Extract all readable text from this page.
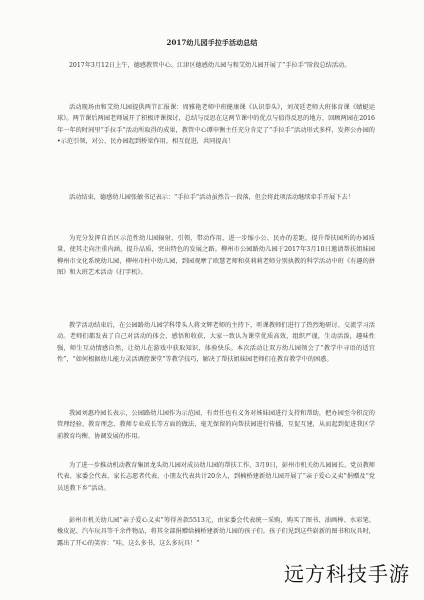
2017幼儿园手拉手活动总结

2017年3月12日上午，德感教管中心、江津区德感幼儿园与和艾幼儿园开展了“手拉手”阶段总结活动。

活动现场由和艾幼儿园提供两节汇报课：周雅艳老师中班健康课《认识拳头》，刘茂廷老师大班体育课《蜻蜓运球》。两节课后两园老师展开了积极评课探讨，总结与反思在这两节课中的优点与值得反思的地方，回顾两园在2016年一年的时间里“手拉手”活动所取得的成果，教管中心谭申衡主任充分肯定了“手拉手”活动形式多样，发挥公办园的•示范引领，对公、民办园起到桥梁作用，相互促进，共同提高！

活动结束，德感幼儿园张敏书记表示：“手拉手”活动虽然告一段落，但会将此项活动继续牵手开展下去！

为充分发挥自治区示范性幼儿园辐射、引领、带动作用，进一步缩小公、民办的差距，提升帮扶园所的办园质量，使其走向注重内涵，提升品质，突出特色的发展之路。柳州市公园路幼儿园于2017年3月10日邀请帮扶姐妹园柳州市文化系统幼儿园，柳州市柱中幼儿园，到园观摩了欧慧老师和莫莉莉老师分别执教的科学活动中班《有趣的拼图》和大班艺术活动《打字机》。

教学活动结束后，在公园路幼儿园学科带头人蒋文辉老师的主持下，听课教师们进行了热烈地研讨、交流学习活动。老师们都发表了自己对活动的体会、感悟和收获，大家一致认为课堂优质高效，组织严谨，生动活泼，趣味性强，师生互动情感自然，让幼儿在游戏中获取知识，体验快乐。本次活动让双方幼儿园领会了“教学中寻语的适宜性”，“如何根据幼儿能力灵活调控课堂”等教学技巧，解决了帮扶姐妹园老师们在教育教学中的困惑。

我园刘惠玲园长表示，公园路幼儿园作为示范园，有责任也有义务对姊妹园进行支持和帮助，把办园至今积淀的管理经验、教育理念、教师专业成长等方面的做法，毫无保留的向帮扶园进行传播，互促互建，从而起到促进我区学前教育均衡、协调发展的作用。

为了进一步推动机动教育集团龙头幼儿园对成员幼儿园的帮扶工作，3月9日，彭州市机关幼儿园园长、党员教师代表、家委会代表、家长志愿者代表、小朋友代表共计20余人，到楠桥建新幼儿园开展了“亲子爱心义卖”捐赠及“党员送教下乡”活动。

彭州市机关幼儿园“亲子爱心义卖”筹得善款5513元，由家委会代表统一采购，购买了图书、油画棒、水彩笔、橡皮泥、汽车玩具等千余件物品，将其全部捐赠给楠桥建新幼儿园的孩子们。孩子们见到这些崭新的图书和玩具时，露出了开心的笑容：“哇，这么多书，这么多玩具！”

远方科技手游
